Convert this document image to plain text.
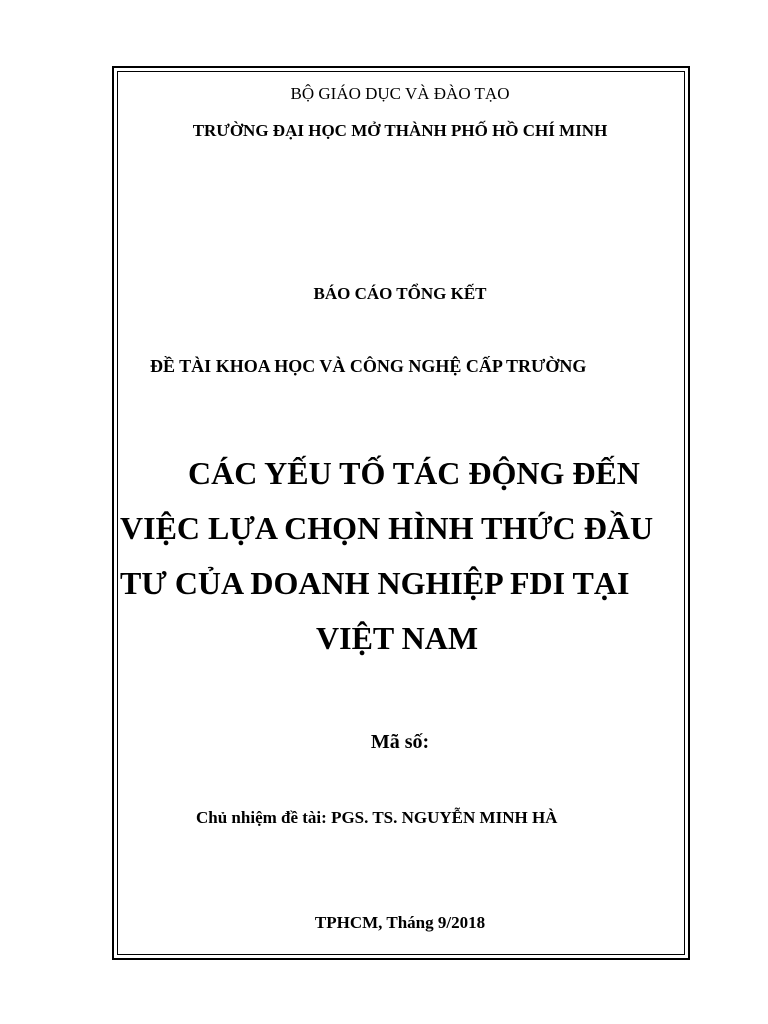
BỘ GIÁO DỤC VÀ ĐÀO TẠO

TRƯỜNG ĐẠI HỌC MỞ THÀNH PHỐ HỒ CHÍ MINH

BÁO CÁO TỔNG KẾT

ĐỀ TÀI KHOA HỌC VÀ CÔNG NGHỆ CẤP TRƯỜNG

CÁC YẾU TỐ TÁC ĐỘNG ĐẾN

VIỆC LỰA CHỌN HÌNH THỨC ĐẦU

TƯ CỦA DOANH NGHIỆP FDI TẠI

VIỆT NAM

Mã số:

Chủ nhiệm đề tài: PGS. TS. NGUYỄN MINH HÀ

TPHCM, Tháng 9/2018
